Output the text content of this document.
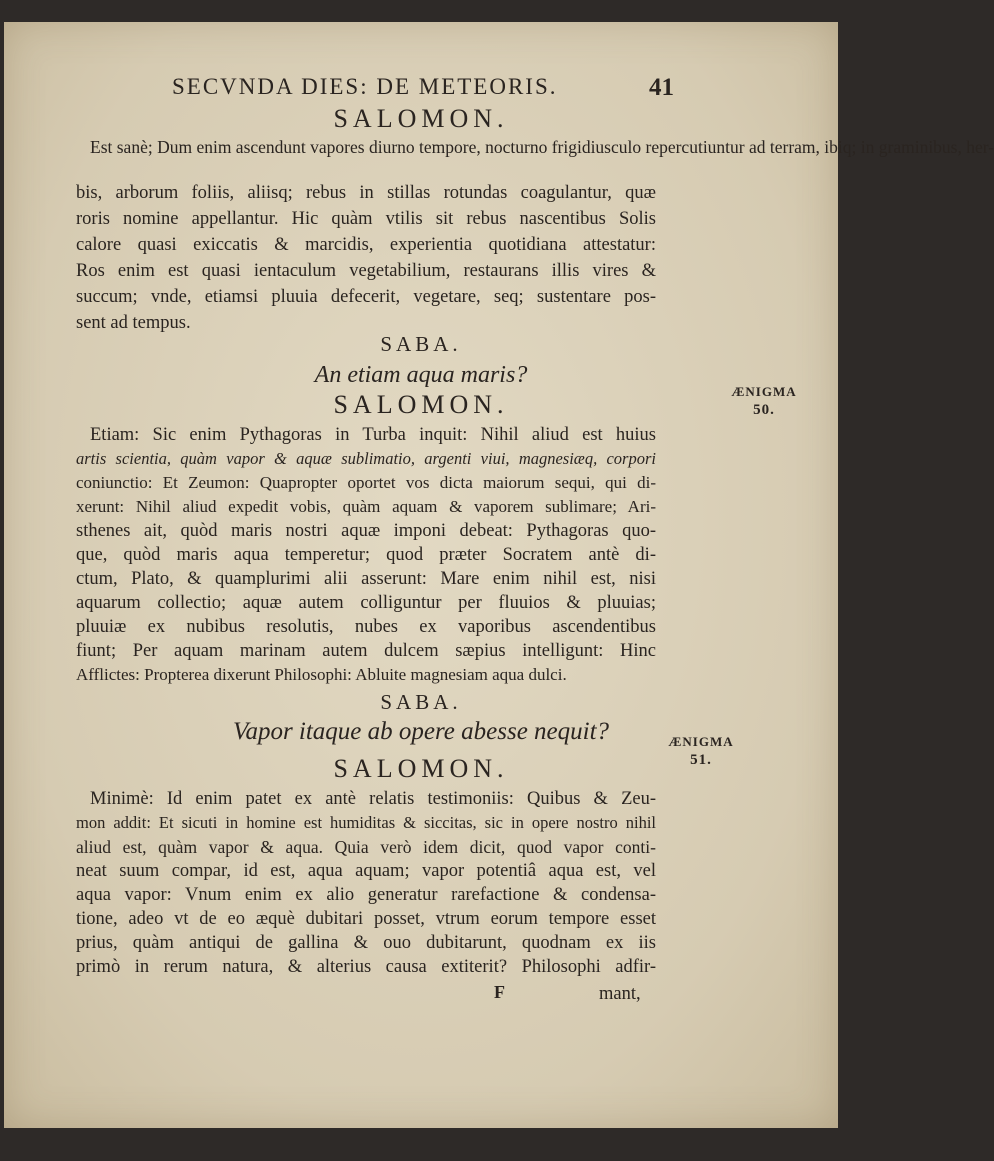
SECVNDA DIES: DE METEORIS.	41
SALOMON.
Est sanè; Dum enim ascendunt vapores diurno tempore, nocturno frigidiusculo repercutiuntur ad terram, ibiq; in graminibus, her-
bis, arborum foliis, aliisq; rebus in stillas rotundas coagulantur, quæ
roris nomine appellantur. Hic quàm vtilis sit rebus nascentibus Solis
calore quasi exiccatis & marcidis, experientia quotidiana attestatur:
Ros enim est quasi ientaculum vegetabilium, restaurans illis vires &
succum; vnde, etiamsi pluuia defecerit, vegetare, seq; sustentare pos-
sent ad tempus.
SABA.
An etiam aqua maris?
ÆNIGMA
50.
SALOMON.
Etiam: Sic enim Pythagoras in Turba inquit: Nihil aliud est huius
artis scientia, quàm vapor & aquæ sublimatio, argenti viui, magnesiæq, corpori
coniunctio: Et Zeumon: Quapropter oportet vos dicta maiorum sequi, qui di-
xerunt: Nihil aliud expedit vobis, quàm aquam & vaporem sublimare; Ari-
sthenes ait, quòd maris nostri aquæ imponi debeat: Pythagoras quo-
que, quòd maris aqua temperetur; quod præter Socratem antè di-
ctum, Plato, & quamplurimi alii asserunt: Mare enim nihil est, nisi
aquarum collectio; aquæ autem colliguntur per fluuios & pluuias;
pluuiæ ex nubibus resolutis, nubes ex vaporibus ascendentibus
fiunt; Per aquam marinam autem dulcem sæpius intelligunt: Hinc
Afflictes: Propterea dixerunt Philosophi: Abluite magnesiam aqua dulci.
SABA.
Vapor itaque ab opere abesse nequit?	ÆNIGMA
51.
SALOMON.
Minimè: Id enim patet ex antè relatis testimoniis: Quibus & Zeu-
mon addit: Et sicuti in homine est humiditas & siccitas, sic in opere nostro nihil
aliud est, quàm vapor & aqua. Quia verò idem dicit, quod vapor conti-
neat suum compar, id est, aqua aquam; vapor potentiâ aqua est, vel
aqua vapor: Vnum enim ex alio generatur rarefactione & condensa-
tione, adeo vt de eo æquè dubitari posset, vtrum eorum tempore esset
prius, quàm antiqui de gallina & ouo dubitarunt, quodnam ex iis
primò in rerum natura, & alterius causa extiterit? Philosophi adfir-
F	mant,
